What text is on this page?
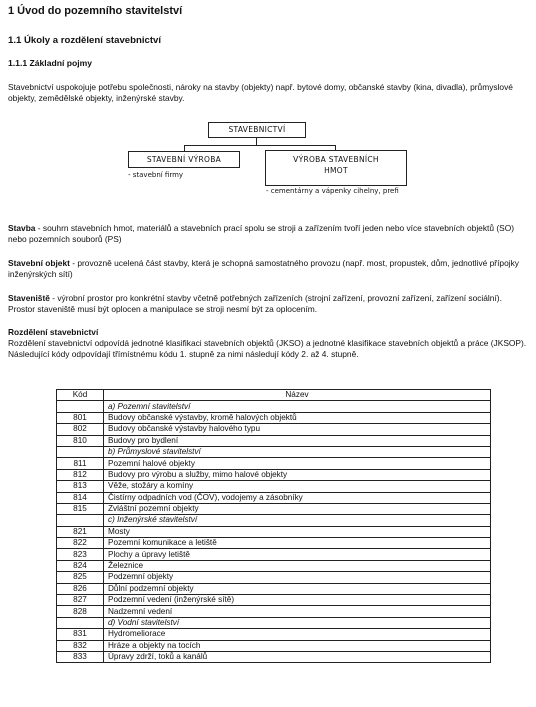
1 Úvod do pozemního stavitelství
1.1 Úkoly a rozdělení stavebnictví
1.1.1 Základní pojmy
Stavebnictví uspokojuje potřebu společnosti, nároky na stavby (objekty) např. bytové domy, občanské stavby (kina, divadla), průmyslové objekty, zemědělské objekty, inženýrské stavby.
STAVEBNICTVÍ
STAVEBNÍ VÝROBA	VÝROBA STAVEBNÍCH
HMOT
- stavební firmy
- cementárny a vápenky cihelny, prefi
Stavba - souhrn stavebních hmot, materiálů a stavebních prací spolu se stroji a zařízením tvoří jeden nebo více stavebních objektů (SO) nebo pozemních souborů (PS)
Stavební objekt - provozně ucelená část stavby, která je schopná samostatného provozu (např. most, propustek, dům, jednotlivé přípojky inženýrských sítí)
Staveniště - výrobní prostor pro konkrétní stavby včetně potřebných zařízeních (strojní zařízení, provozní zařízení, zařízení sociální). Prostor staveniště musí být oplocen a manipulace se stroji nesmí být za oplocením.
Rozdělení stavebnictví
Rozdělení stavebnictví odpovídá jednotné klasifikaci stavebních objektů (JKSO) a jednotné klasifikace stavebních objektů a práce (JKSOP). Následující kódy odpovídají třímístnému kódu 1. stupně za nimi následují kódy 2. až 4. stupně.
Kód	Název
	a) Pozemní stavitelství
801	Budovy občanské výstavby, kromě halových objektů
802	Budovy občanské výstavby halového typu
810	Budovy pro bydlení
	b) Průmyslové stavitelství
811	Pozemní halové objekty
812	Budovy pro výrobu a služby, mimo halové objekty
813	Věže, stožáry a komíny
814	Čistírny odpadních vod (ČOV), vodojemy a zásobníky
815	Zvláštní pozemní objekty
	c) Inženýrské stavitelství
821	Mosty
822	Pozemní komunikace a letiště
823	Plochy a úpravy letiště
824	Železnice
825	Podzemní objekty
826	Důlní podzemní objekty
827	Podzemní vedení (inženýrské sítě)
828	Nadzemní vedení
	d) Vodní stavitelství
831	Hydromeliorace
832	Hráze a objekty na tocích
833	Úpravy zdrží, toků a kanálů
